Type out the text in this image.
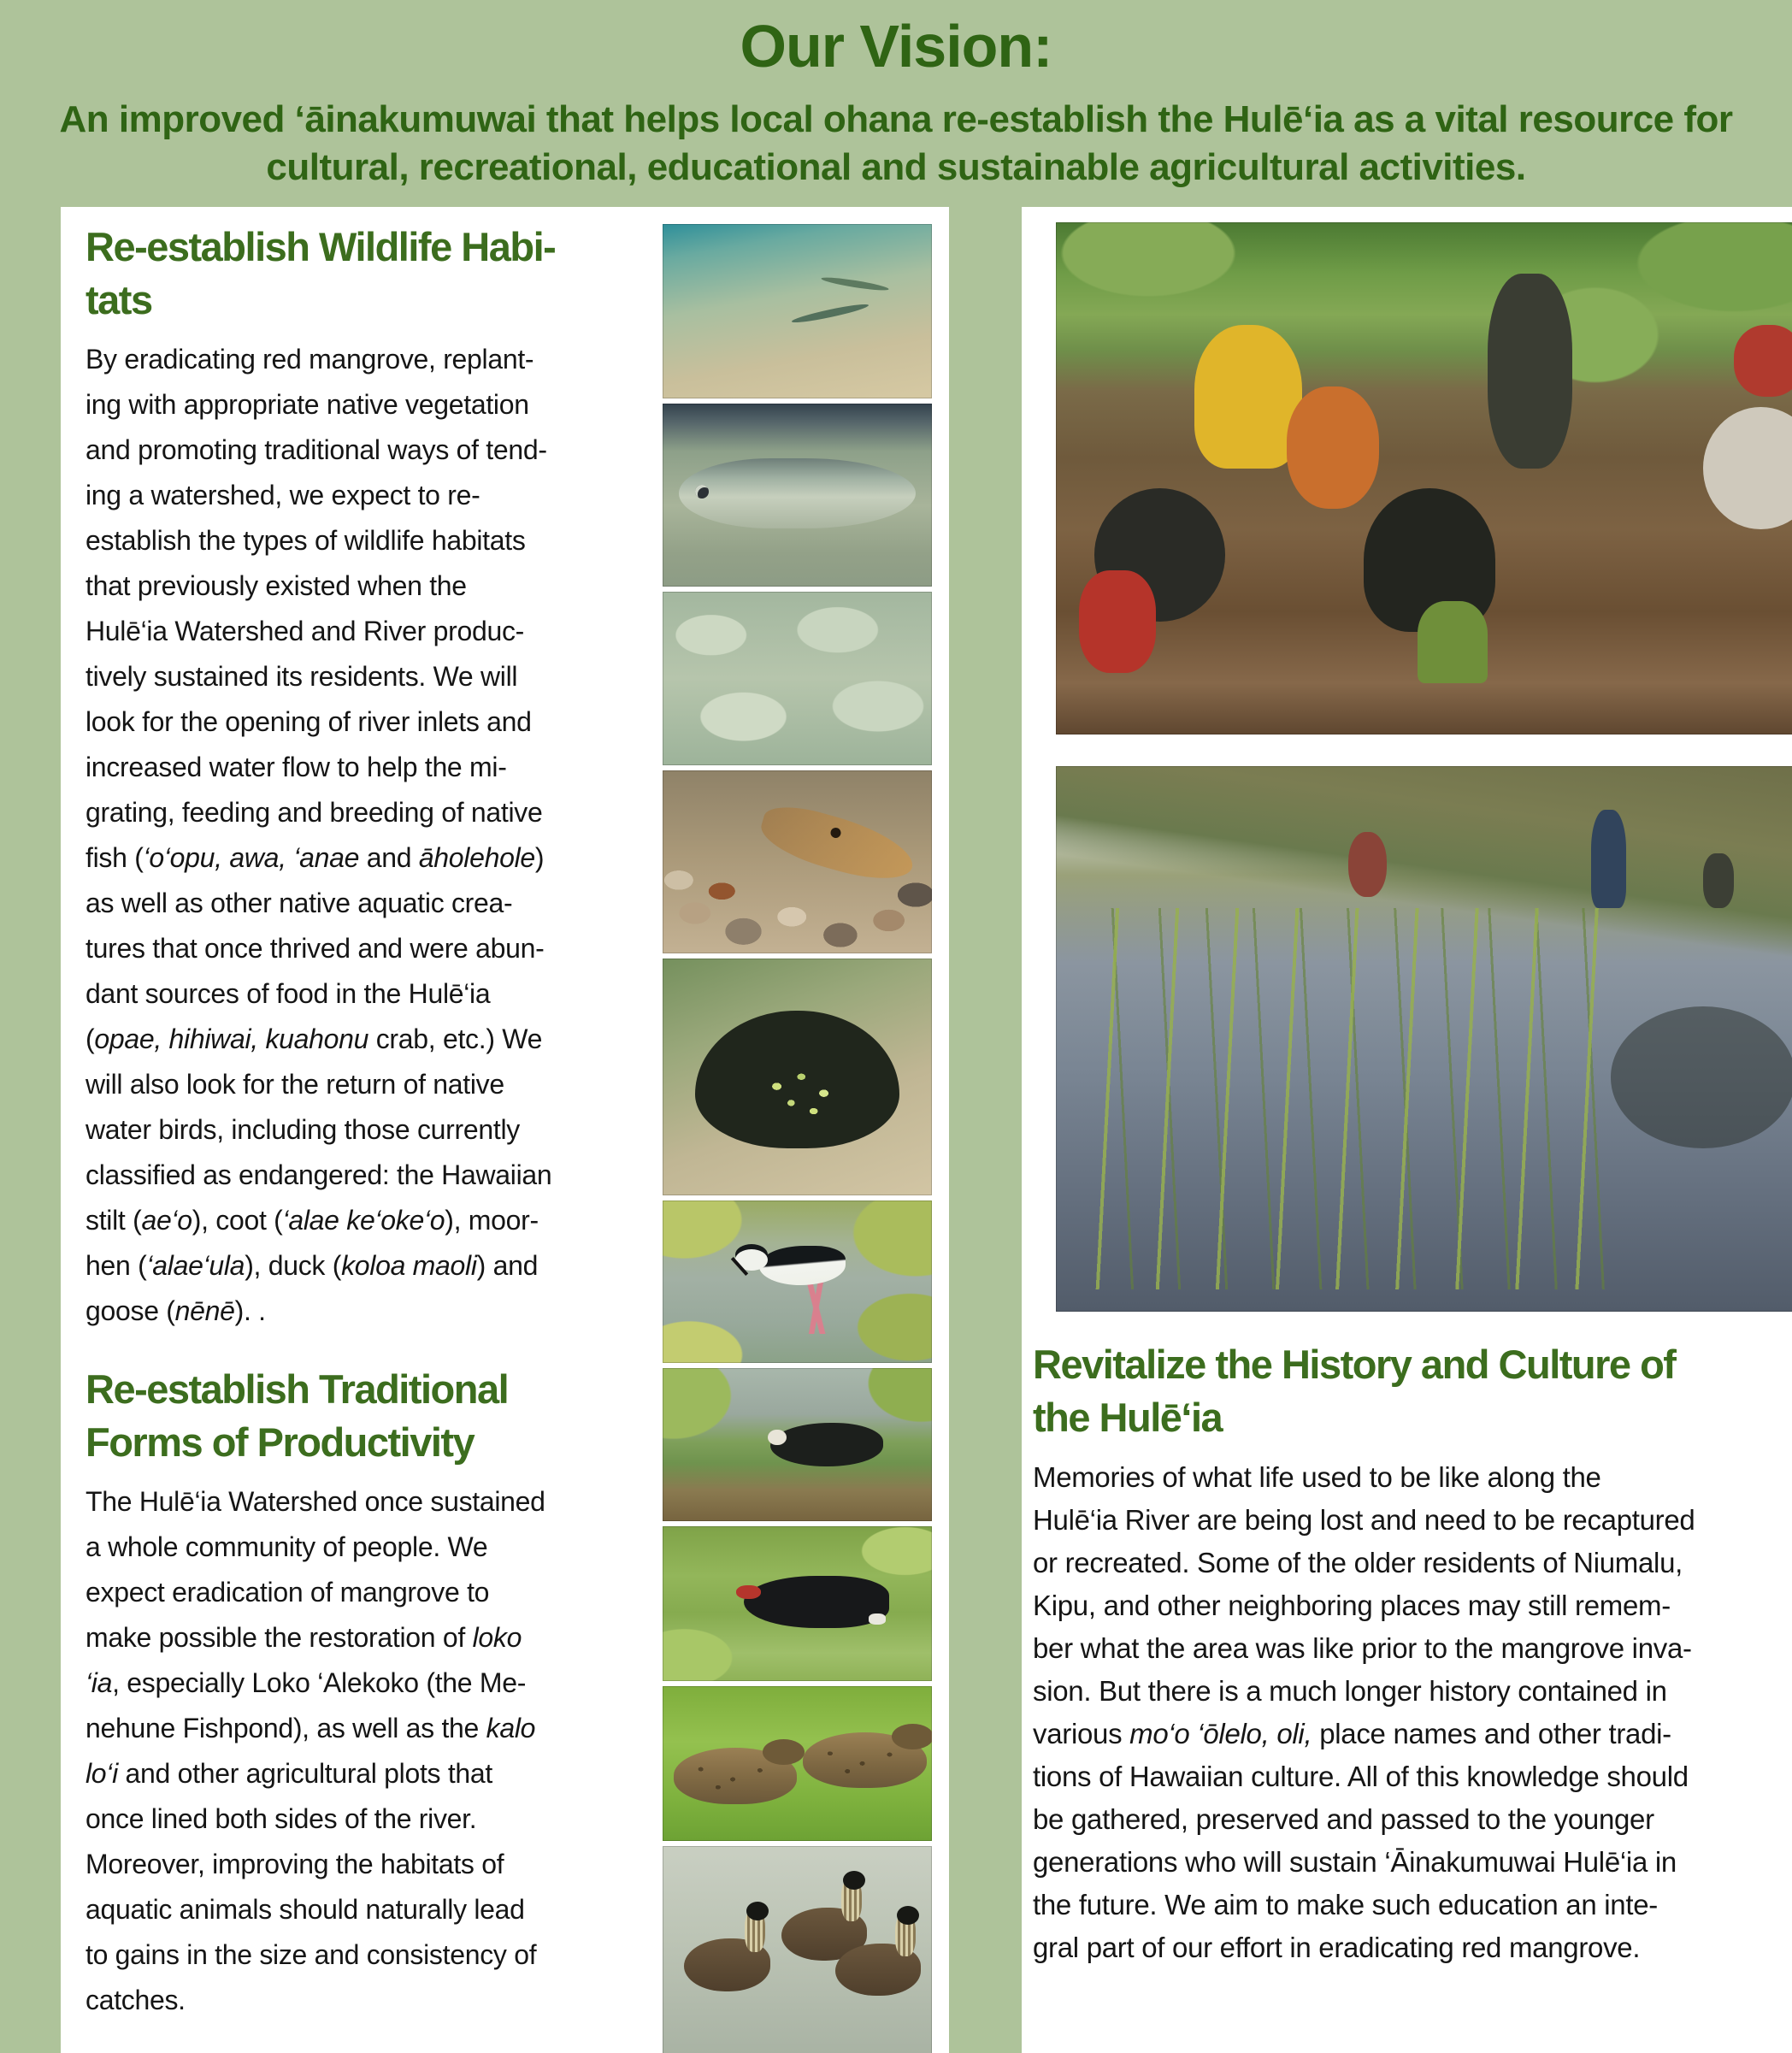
Our Vision:
An improved ‘āinakumuwai that helps local ohana re-establish the Hulē‘ia as a vital resource for
cultural, recreational, educational and sustainable agricultural activities.
Re-establish Wildlife Habi-
tats
By eradicating red mangrove, replant-
ing with appropriate native vegetation
and promoting traditional ways of tend-
ing a watershed, we expect to re-
establish the types of wildlife habitats
that previously existed when the
Hulē‘ia Watershed and River produc-
tively sustained its residents. We will
look for the opening of river inlets and
increased water flow to help the mi-
grating, feeding and breeding of native
fish (‘o‘opu, awa, ‘anae and āholehole)
as well as other native aquatic crea-
tures that once thrived and were abun-
dant sources of food in the Hulē‘ia
(opae, hihiwai, kuahonu crab, etc.) We
will also look for the return of native
water birds, including those currently
classified as endangered: the Hawaiian
stilt (ae‘o), coot (‘alae ke‘oke‘o), moor-
hen (‘alae‘ula), duck (koloa maoli) and
goose (nēnē). .
Re-establish Traditional
Forms of Productivity
The Hulē‘ia Watershed once sustained
a whole community of people. We
expect eradication of mangrove to
make possible the restoration of loko
‘ia, especially Loko ‘Alekoko (the Me-
nehune Fishpond), as well as the kalo
lo‘i and other agricultural plots that
once lined both sides of the river.
Moreover, improving the habitats of
aquatic animals should naturally lead
to gains in the size and consistency of
catches.
Revitalize the History and Culture of
the Hulē‘ia
Memories of what life used to be like along the
Hulē‘ia River are being lost and need to be recaptured
or recreated. Some of the older residents of Niumalu,
Kipu, and other neighboring places may still remem-
ber what the area was like prior to the mangrove inva-
sion. But there is a much longer history contained in
various mo‘o ‘ōlelo, oli, place names and other tradi-
tions of Hawaiian culture. All of this knowledge should
be gathered, preserved and passed to the younger
generations who will sustain ‘Āinakumuwai Hulē‘ia in
the future. We aim to make such education an inte-
gral part of our effort in eradicating red mangrove.
